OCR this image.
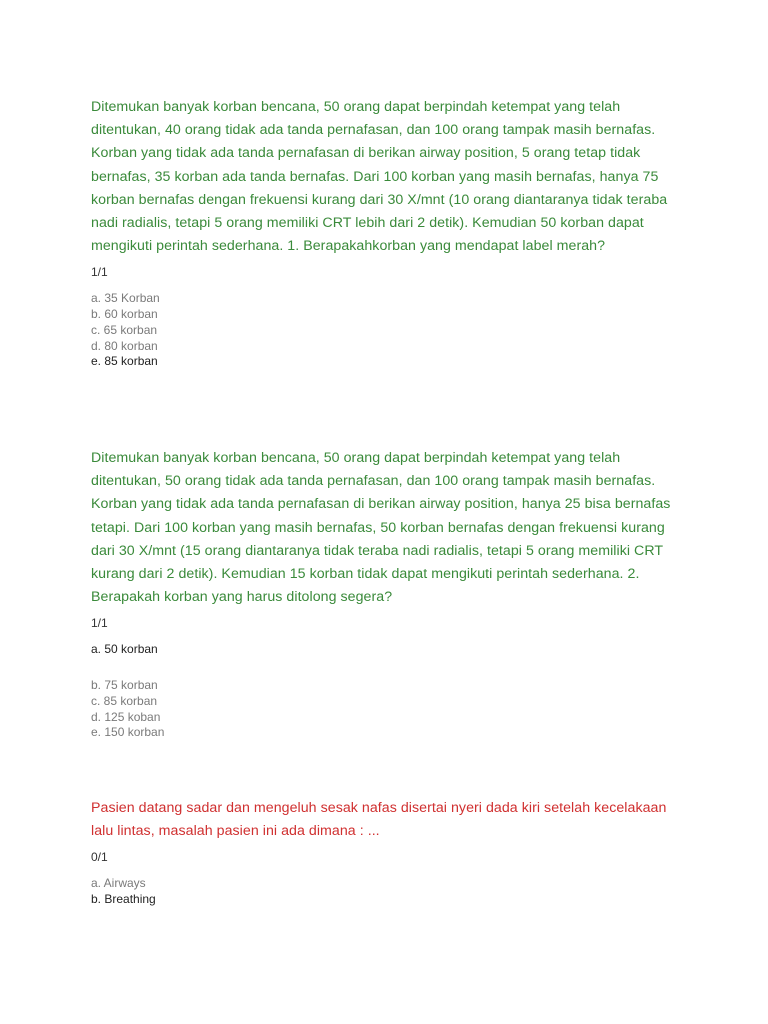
Ditemukan banyak korban bencana, 50 orang dapat berpindah ketempat yang telah ditentukan, 40 orang tidak ada tanda pernafasan, dan 100 orang tampak masih bernafas. Korban yang tidak ada tanda pernafasan di berikan airway position, 5 orang tetap tidak bernafas, 35 korban ada tanda bernafas. Dari 100 korban yang masih bernafas, hanya 75 korban bernafas dengan frekuensi kurang dari 30 X/mnt (10 orang diantaranya tidak teraba nadi radialis, tetapi 5 orang memiliki CRT lebih dari 2 detik). Kemudian 50 korban dapat mengikuti perintah sederhana. 1. Berapakahkorban yang mendapat label merah?

1/1
a. 35 Korban
b. 60 korban
c. 65 korban
d. 80 korban
e. 85 korban

Ditemukan banyak korban bencana, 50 orang dapat berpindah ketempat yang telah ditentukan, 50 orang tidak ada tanda pernafasan, dan 100 orang tampak masih bernafas. Korban yang tidak ada tanda pernafasan di berikan airway position, hanya 25 bisa bernafas tetapi. Dari 100 korban yang masih bernafas, 50 korban bernafas dengan frekuensi kurang dari 30 X/mnt (15 orang diantaranya tidak teraba nadi radialis, tetapi 5 orang memiliki CRT kurang dari 2 detik). Kemudian 15 korban tidak dapat mengikuti perintah sederhana. 2. Berapakah korban yang harus ditolong segera?

1/1
a. 50 korban
b. 75 korban
c. 85 korban
d. 125 koban
e. 150 korban

Pasien datang sadar dan mengeluh sesak nafas disertai nyeri dada kiri setelah kecelakaan lalu lintas, masalah pasien ini ada dimana : ...

0/1
a. Airways
b. Breathing
